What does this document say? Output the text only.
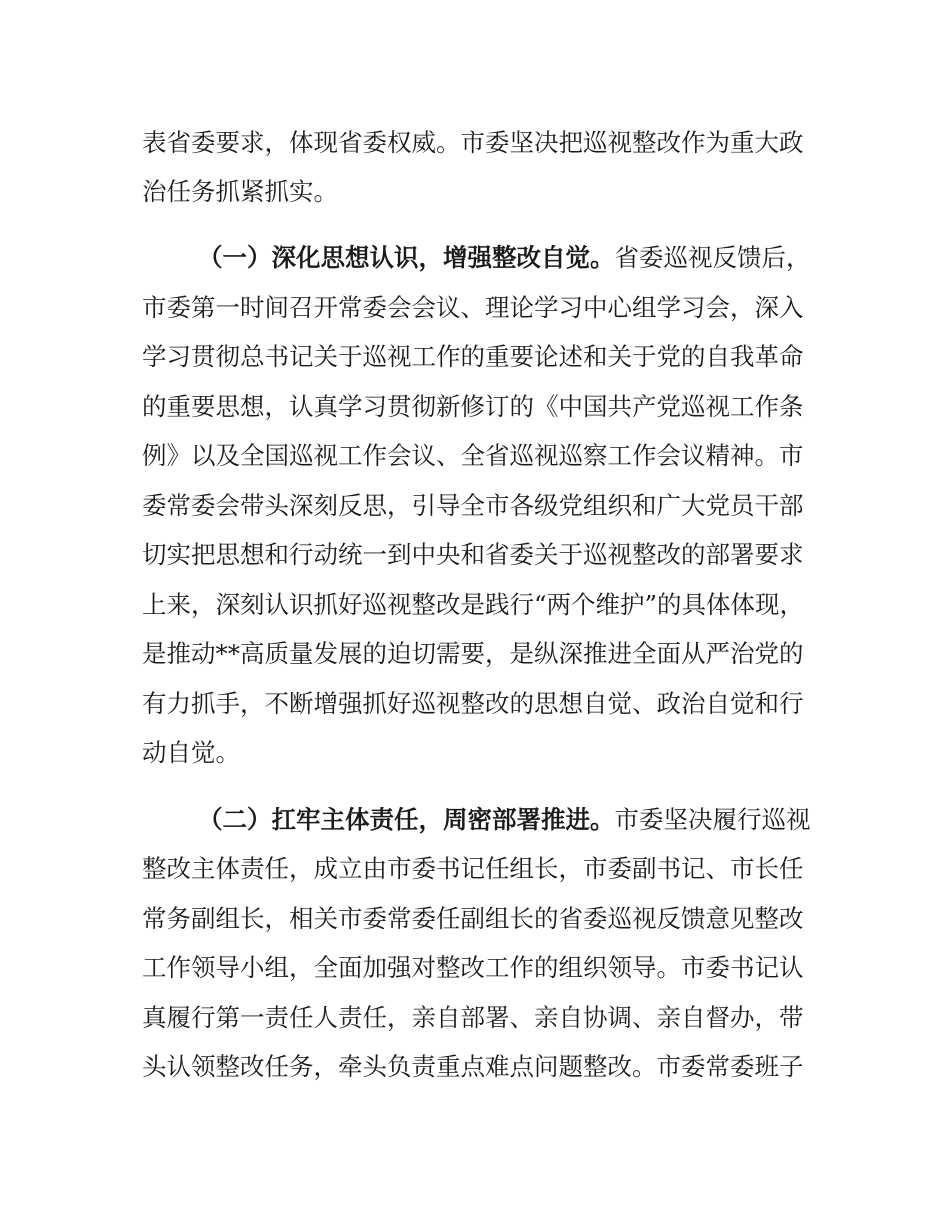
表省委要求，体现省委权威。市委坚决把巡视整改作为重大政
治任务抓紧抓实。
（一）深化思想认识，增强整改自觉。省委巡视反馈后，
市委第一时间召开常委会会议、理论学习中心组学习会，深入
学习贯彻总书记关于巡视工作的重要论述和关于党的自我革命
的重要思想，认真学习贯彻新修订的《中国共产党巡视工作条
例》以及全国巡视工作会议、全省巡视巡察工作会议精神。市
委常委会带头深刻反思，引导全市各级党组织和广大党员干部
切实把思想和行动统一到中央和省委关于巡视整改的部署要求
上来，深刻认识抓好巡视整改是践行“两个维护”的具体体现，
是推动**高质量发展的迫切需要，是纵深推进全面从严治党的
有力抓手，不断增强抓好巡视整改的思想自觉、政治自觉和行
动自觉。
（二）扛牢主体责任，周密部署推进。市委坚决履行巡视
整改主体责任，成立由市委书记任组长，市委副书记、市长任
常务副组长，相关市委常委任副组长的省委巡视反馈意见整改
工作领导小组，全面加强对整改工作的组织领导。市委书记认
真履行第一责任人责任，亲自部署、亲自协调、亲自督办，带
头认领整改任务，牵头负责重点难点问题整改。市委常委班子
